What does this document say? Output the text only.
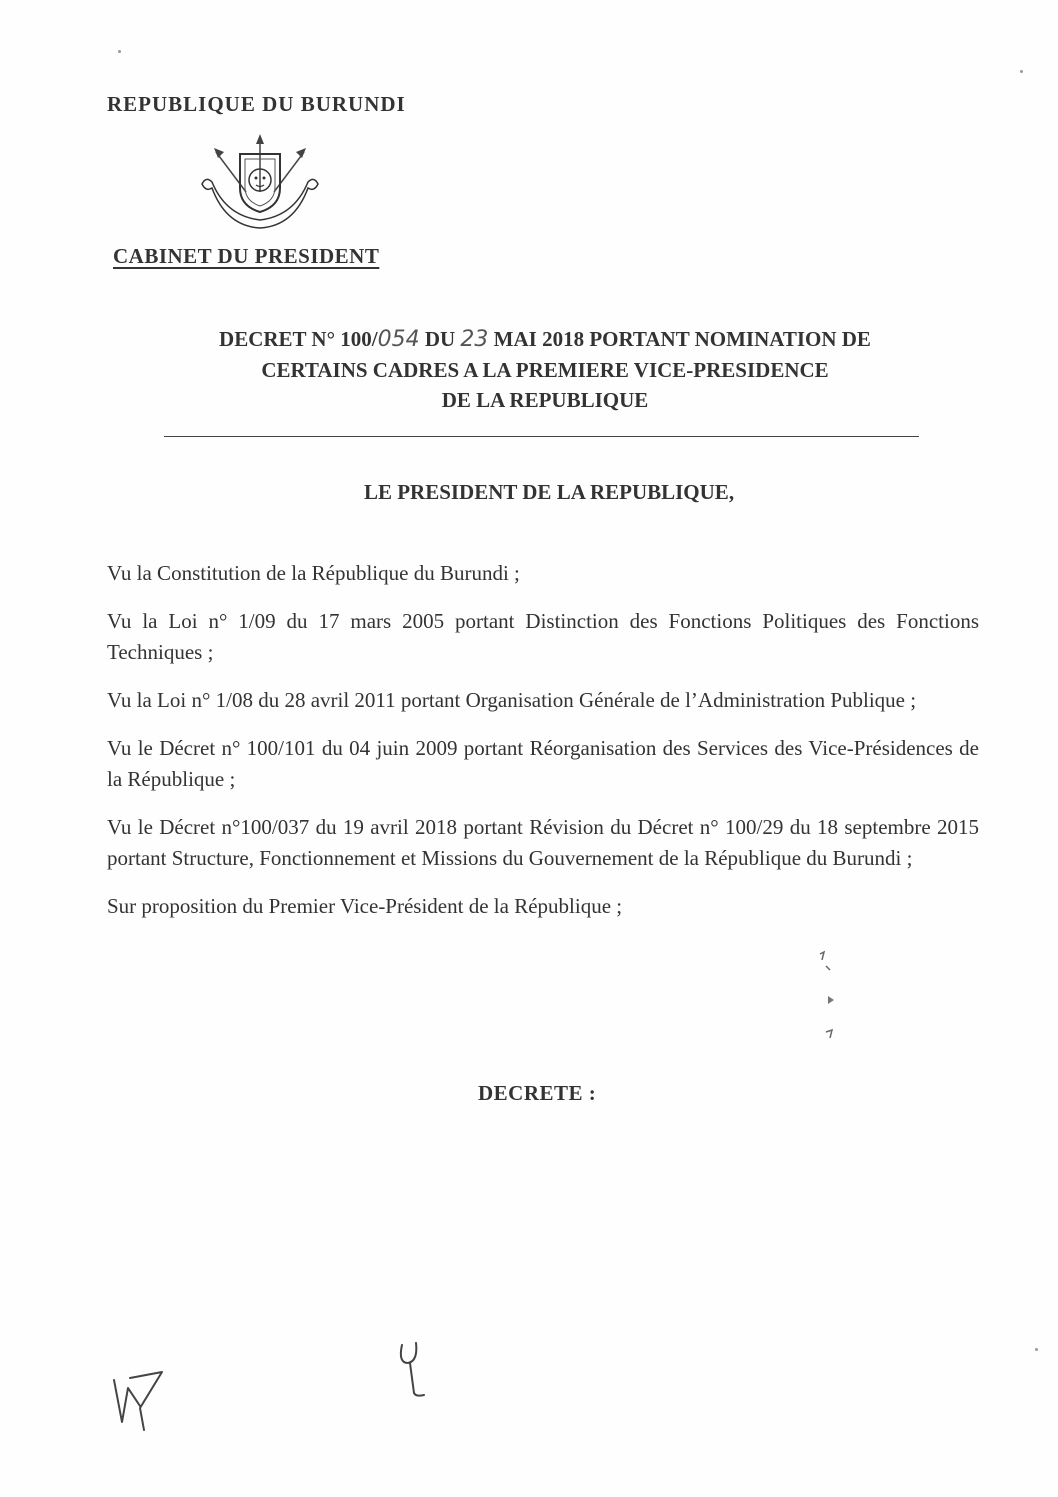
REPUBLIQUE DU BURUNDI
CABINET DU PRESIDENT
DECRET N° 100/054 DU 23 MAI 2018 PORTANT NOMINATION DE
CERTAINS CADRES A LA PREMIERE VICE-PRESIDENCE
DE LA REPUBLIQUE
LE PRESIDENT DE LA REPUBLIQUE,

Vu la Constitution de la République du Burundi ;

Vu la Loi n° 1/09 du 17 mars 2005 portant Distinction des Fonctions Politiques des Fonctions Techniques ;

Vu la Loi n° 1/08 du 28 avril 2011 portant Organisation Générale de l’Administration Publique ;

Vu le Décret n° 100/101 du 04 juin 2009 portant Réorganisation des Services des Vice-Présidences de la République ;

Vu le Décret n°100/037 du 19 avril 2018 portant Révision du Décret n° 100/29 du 18 septembre 2015 portant Structure, Fonctionnement et Missions du Gouvernement de la République du Burundi ;

Sur proposition du Premier Vice-Président de la République ;

DECRETE :
